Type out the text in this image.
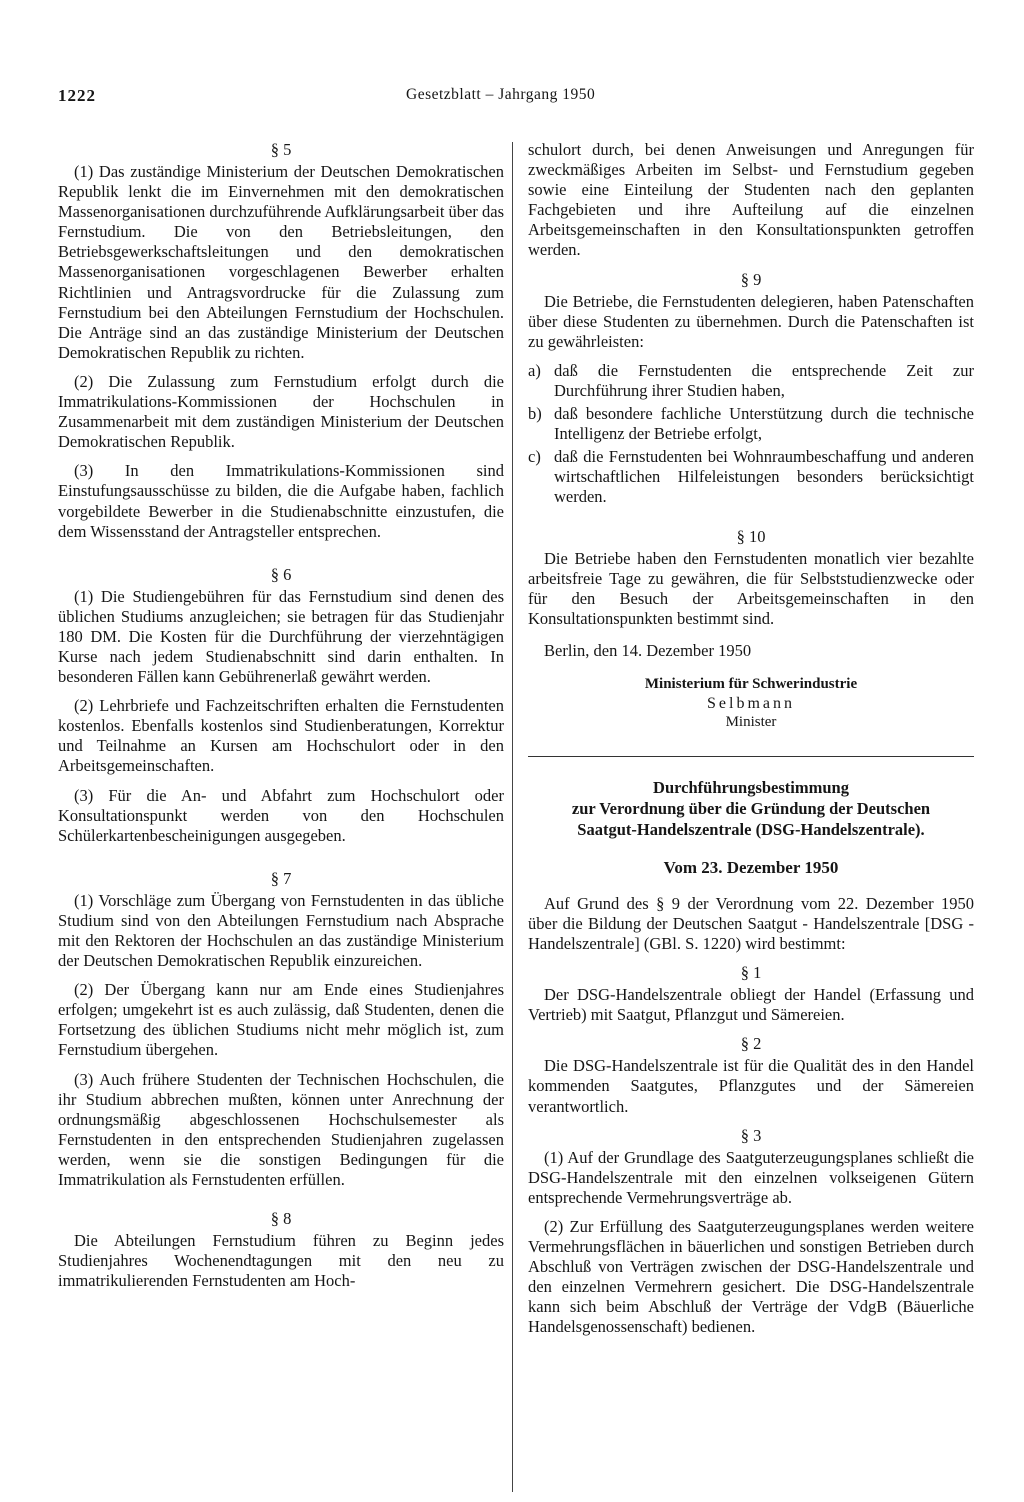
1222	Gesetzblatt – Jahrgang 1950
§ 5

(1) Das zuständige Ministerium der Deutschen Demokratischen Republik lenkt die im Einvernehmen mit den demokratischen Massenorganisationen durchzuführende Aufklärungsarbeit über das Fernstudium. Die von den Betriebsleitungen, den Betriebsgewerkschaftsleitungen und den demokratischen Massenorganisationen vorgeschlagenen Bewerber erhalten Richtlinien und Antragsvordrucke für die Zulassung zum Fernstudium bei den Abteilungen Fernstudium der Hochschulen. Die Anträge sind an das zuständige Ministerium der Deutschen Demokratischen Republik zu richten.

(2) Die Zulassung zum Fernstudium erfolgt durch die Immatrikulations-Kommissionen der Hochschulen in Zusammenarbeit mit dem zuständigen Ministerium der Deutschen Demokratischen Republik.

(3) In den Immatrikulations-Kommissionen sind Einstufungsausschüsse zu bilden, die die Aufgabe haben, fachlich vorgebildete Bewerber in die Studienabschnitte einzustufen, die dem Wissensstand der Antragsteller entsprechen.

§ 6

(1) Die Studiengebühren für das Fernstudium sind denen des üblichen Studiums anzugleichen; sie betragen für das Studienjahr 180 DM. Die Kosten für die Durchführung der vierzehntägigen Kurse nach jedem Studienabschnitt sind darin enthalten. In besonderen Fällen kann Gebührenerlaß gewährt werden.

(2) Lehrbriefe und Fachzeitschriften erhalten die Fernstudenten kostenlos. Ebenfalls kostenlos sind Studienberatungen, Korrektur und Teilnahme an Kursen am Hochschulort oder in den Arbeitsgemeinschaften.

(3) Für die An- und Abfahrt zum Hochschulort oder Konsultationspunkt werden von den Hochschulen Schülerkartenbescheinigungen ausgegeben.

§ 7

(1) Vorschläge zum Übergang von Fernstudenten in das übliche Studium sind von den Abteilungen Fernstudium nach Absprache mit den Rektoren der Hochschulen an das zuständige Ministerium der Deutschen Demokratischen Republik einzureichen.

(2) Der Übergang kann nur am Ende eines Studienjahres erfolgen; umgekehrt ist es auch zulässig, daß Studenten, denen die Fortsetzung des üblichen Studiums nicht mehr möglich ist, zum Fernstudium übergehen.

(3) Auch frühere Studenten der Technischen Hochschulen, die ihr Studium abbrechen mußten, können unter Anrechnung der ordnungsmäßig abgeschlossenen Hochschulsemester als Fernstudenten in den entsprechenden Studienjahren zugelassen werden, wenn sie die sonstigen Bedingungen für die Immatrikulation als Fernstudenten erfüllen.

§ 8

Die Abteilungen Fernstudium führen zu Beginn jedes Studienjahres Wochenendtagungen mit den neu zu immatrikulierenden Fernstudenten am Hoch-

schulort durch, bei denen Anweisungen und Anregungen für zweckmäßiges Arbeiten im Selbst- und Fernstudium gegeben sowie eine Einteilung der Studenten nach den geplanten Fachgebieten und ihre Aufteilung auf die einzelnen Arbeitsgemeinschaften in den Konsultationspunkten getroffen werden.

§ 9

Die Betriebe, die Fernstudenten delegieren, haben Patenschaften über diese Studenten zu übernehmen. Durch die Patenschaften ist zu gewährleisten:

a) daß die Fernstudenten die entsprechende Zeit zur Durchführung ihrer Studien haben,
b) daß besondere fachliche Unterstützung durch die technische Intelligenz der Betriebe erfolgt,
c) daß die Fernstudenten bei Wohnraumbeschaffung und anderen wirtschaftlichen Hilfeleistungen besonders berücksichtigt werden.
§ 10

Die Betriebe haben den Fernstudenten monatlich vier bezahlte arbeitsfreie Tage zu gewähren, die für Selbststudienzwecke oder für den Besuch der Arbeitsgemeinschaften in den Konsultationspunkten bestimmt sind.

Berlin, den 14. Dezember 1950
Ministerium für Schwerindustrie
Selbmann
Minister
Durchführungsbestimmung
zur Verordnung über die Gründung der Deutschen
Saatgut-Handelszentrale (DSG-Handelszentrale).
Vom 23. Dezember 1950

Auf Grund des § 9 der Verordnung vom 22. Dezember 1950 über die Bildung der Deutschen Saatgut - Handelszentrale [DSG - Handelszentrale] (GBl. S. 1220) wird bestimmt:

§ 1

Der DSG-Handelszentrale obliegt der Handel (Erfassung und Vertrieb) mit Saatgut, Pflanzgut und Sämereien.

§ 2

Die DSG-Handelszentrale ist für die Qualität des in den Handel kommenden Saatgutes, Pflanzgutes und der Sämereien verantwortlich.

§ 3

(1) Auf der Grundlage des Saatguterzeugungsplanes schließt die DSG-Handelszentrale mit den einzelnen volkseigenen Gütern entsprechende Vermehrungsverträge ab.

(2) Zur Erfüllung des Saatguterzeugungsplanes werden weitere Vermehrungsflächen in bäuerlichen und sonstigen Betrieben durch Abschluß von Verträgen zwischen der DSG-Handelszentrale und den einzelnen Vermehrern gesichert. Die DSG-Handelszentrale kann sich beim Abschluß der Verträge der VdgB (Bäuerliche Handelsgenossenschaft) bedienen.
